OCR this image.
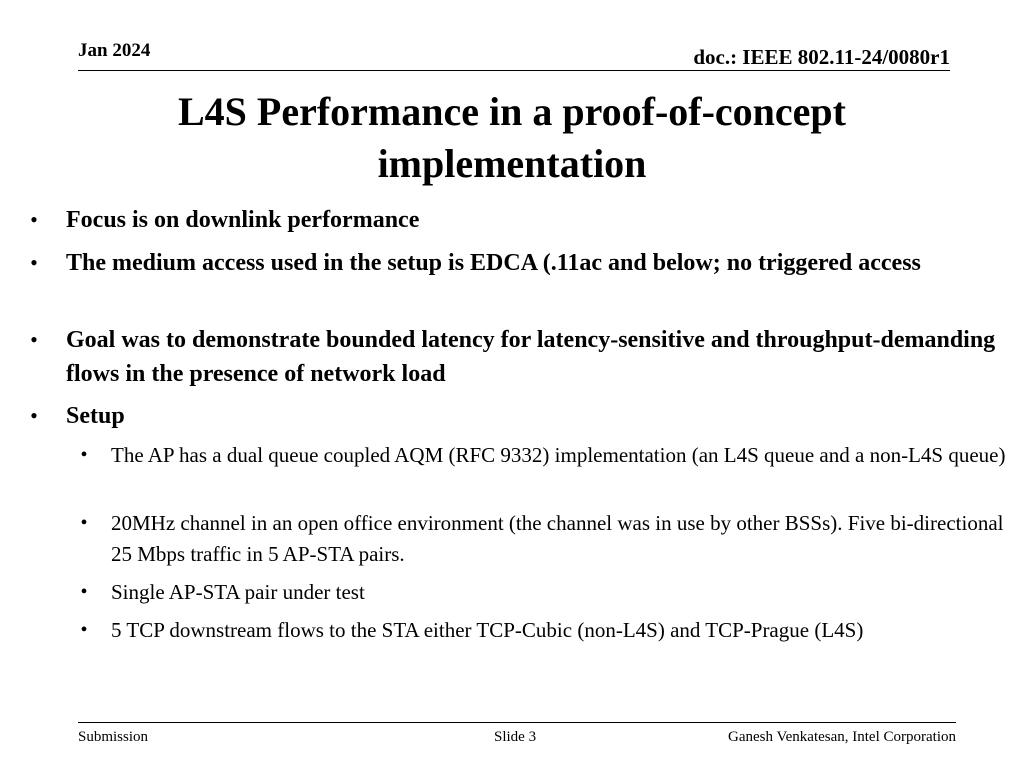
Jan 2024	doc.: IEEE 802.11-24/0080r1
L4S Performance in a proof-of-concept
implementation
• Focus is on downlink performance
• The medium access used in the setup is EDCA (.11ac and below; no triggered access
• Goal was to demonstrate bounded latency for latency-sensitive and throughput-demanding flows in the presence of network load
• Setup
• The AP has a dual queue coupled AQM (RFC 9332) implementation (an L4S queue and a non-L4S queue)
• 20MHz channel in an open office environment (the channel was in use by other BSSs). Five bi-directional 25 Mbps traffic in 5 AP-STA pairs.
• Single AP-STA pair under test
• 5 TCP downstream flows to the STA either TCP-Cubic (non-L4S) and TCP-Prague (L4S)
Submission	Slide 3	Ganesh Venkatesan, Intel Corporation
